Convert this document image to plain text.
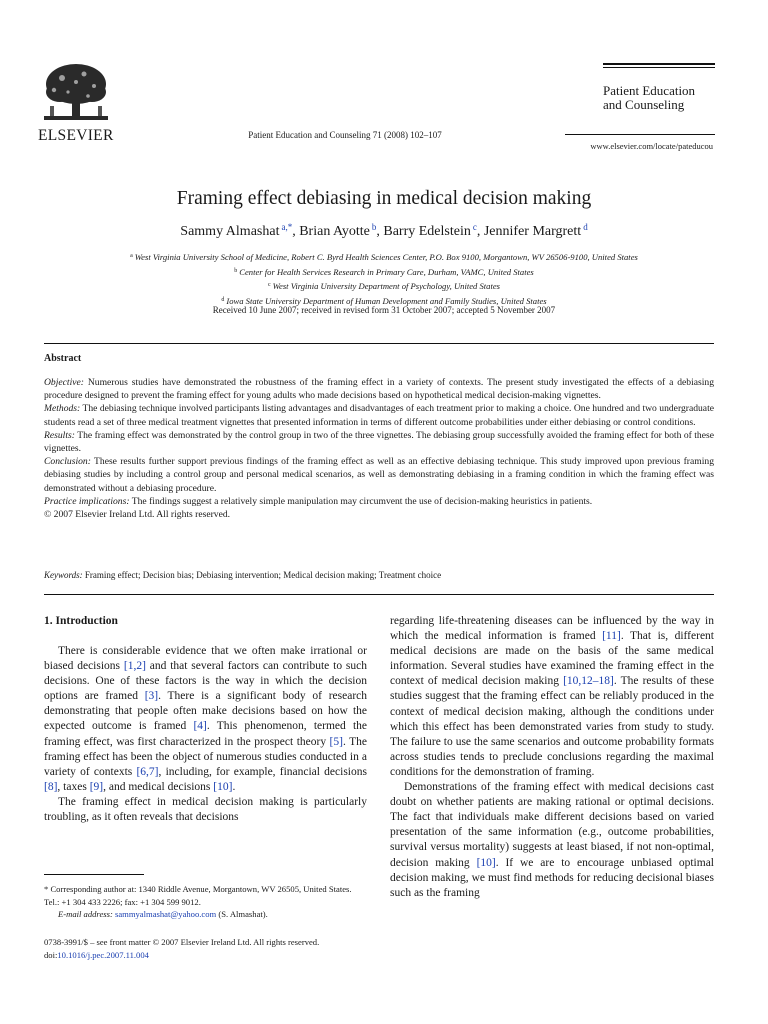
ELSEVIER	Patient Education and Counseling 71 (2008) 102–107
Patient Education
and Counseling
www.elsevier.com/locate/pateducou
Framing effect debiasing in medical decision making
Sammy Almashat $^{a,*}$, Brian Ayotte $^b$, Barry Edelstein $^c$, Jennifer Margrett $^d$
$^a$ West Virginia University School of Medicine, Robert C. Byrd Health Sciences Center, P.O. Box 9100, Morgantown, WV 26506-9100, United States
$^b$ Center for Health Services Research in Primary Care, Durham, VAMC, United States
$^c$ West Virginia University Department of Psychology, United States
$^d$ Iowa State University Department of Human Development and Family Studies, United States
Received 10 June 2007; received in revised form 31 October 2007; accepted 5 November 2007
Abstract

Objective: Numerous studies have demonstrated the robustness of the framing effect in a variety of contexts. The present study investigated the effects of a debiasing procedure designed to prevent the framing effect for young adults who made decisions based on hypothetical medical decision-making vignettes.

Methods: The debiasing technique involved participants listing advantages and disadvantages of each treatment prior to making a choice. One hundred and two undergraduate students read a set of three medical treatment vignettes that presented information in terms of different outcome probabilities under either debiasing or control conditions.

Results: The framing effect was demonstrated by the control group in two of the three vignettes. The debiasing group successfully avoided the framing effect for both of these vignettes.

Conclusion: These results further support previous findings of the framing effect as well as an effective debiasing technique. This study improved upon previous framing debiasing studies by including a control group and personal medical scenarios, as well as demonstrating debiasing in a framing condition in which the framing effect was demonstrated without a debiasing procedure.

Practice implications: The findings suggest a relatively simple manipulation may circumvent the use of decision-making heuristics in patients.

© 2007 Elsevier Ireland Ltd. All rights reserved.

Keywords: Framing effect; Decision bias; Debiasing intervention; Medical decision making; Treatment choice
1. Introduction

There is considerable evidence that we often make irrational or biased decisions [1,2] and that several factors can contribute to such decisions. One of these factors is the way in which the decision options are framed [3]. There is a significant body of research demonstrating that people often make decisions based on how the expected outcome is framed [4]. This phenomenon, termed the framing effect, was first characterized in the prospect theory [5]. The framing effect has been the object of numerous studies conducted in a variety of contexts [6,7], including, for example, financial decisions [8], taxes [9], and medical decisions [10].

The framing effect in medical decision making is particularly troubling, as it often reveals that decisions

regarding life-threatening diseases can be influenced by the way in which the medical information is framed [11]. That is, different medical decisions are made on the basis of the same medical information. Several studies have examined the framing effect in the context of medical decision making [10,12–18]. The results of these studies suggest that the framing effect can be reliably produced in the context of medical decision making, although the conditions under which this effect has been demonstrated varies from study to study. The failure to use the same scenarios and outcome probability formats across studies tends to preclude conclusions regarding the maximal conditions for the demonstration of framing.

Demonstrations of the framing effect with medical decisions cast doubt on whether patients are making rational or optimal decisions. The fact that individuals make different decisions based on varied presentation of the same information (e.g., outcome probabilities, survival versus mortality) suggests at least biased, if not non-optimal, decision making [10]. If we are to encourage unbiased optimal decision making, we must find methods for reducing decisional biases such as the framing

* Corresponding author at: 1340 Riddle Avenue, Morgantown, WV 26505, United States. Tel.: +1 304 433 2226; fax: +1 304 599 9012.

E-mail address: sammyalmashat@yahoo.com (S. Almashat).

0738-3991/$ – see front matter © 2007 Elsevier Ireland Ltd. All rights reserved.
doi:10.1016/j.pec.2007.11.004
